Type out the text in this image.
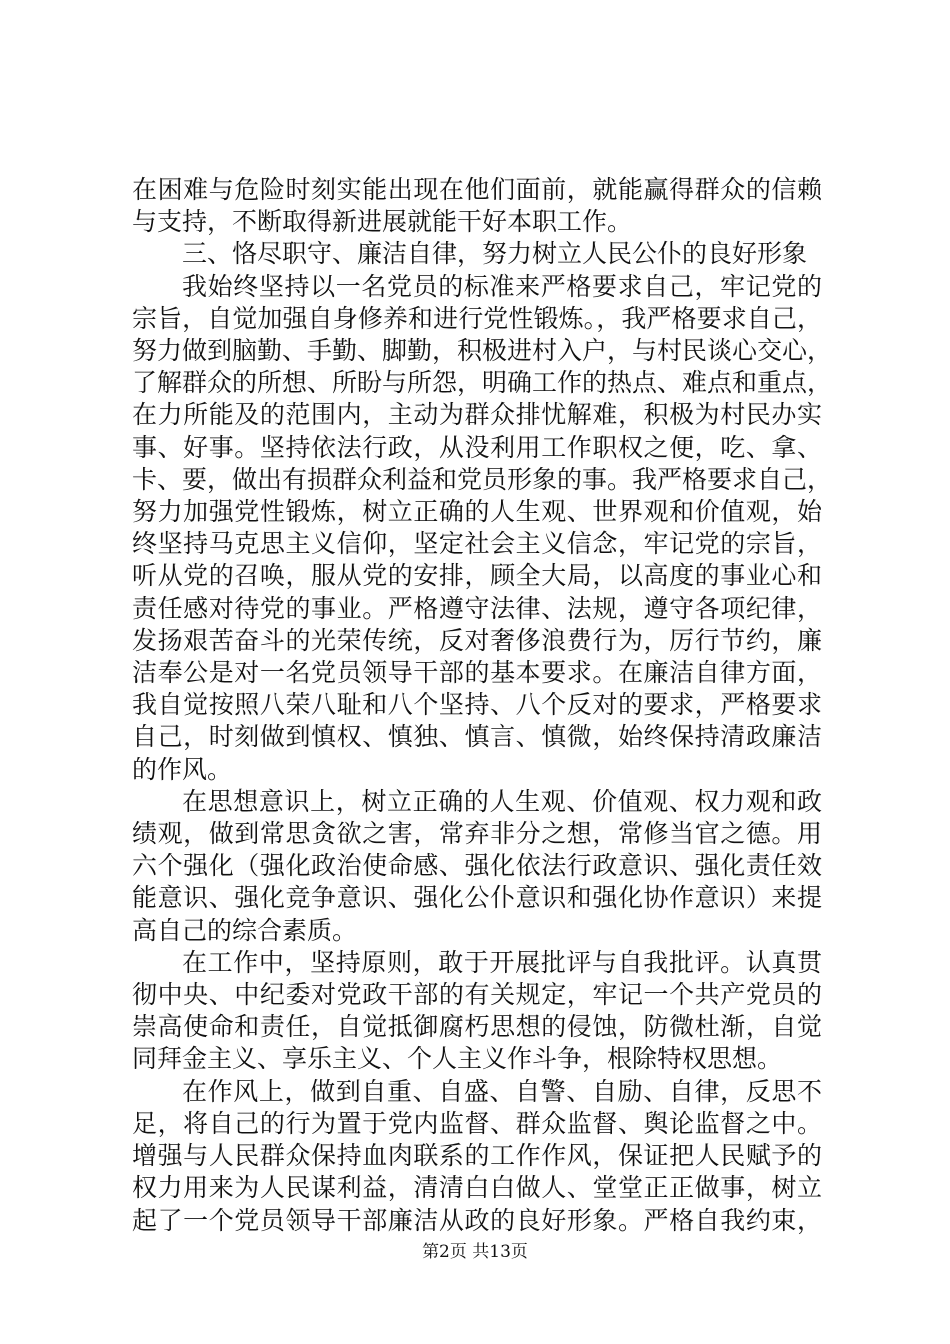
在困难与危险时刻实能出现在他们面前，就能赢得群众的信赖
与支持，不断取得新进展就能干好本职工作。
三、恪尽职守、廉洁自律，努力树立人民公仆的良好形象
我始终坚持以一名党员的标准来严格要求自己，牢记党的
宗旨，自觉加强自身修养和进行党性锻炼。，我严格要求自己，
努力做到脑勤、手勤、脚勤，积极进村入户，与村民谈心交心，
了解群众的所想、所盼与所怨，明确工作的热点、难点和重点，
在力所能及的范围内，主动为群众排忧解难，积极为村民办实
事、好事。坚持依法行政，从没利用工作职权之便，吃、拿、
卡、要，做出有损群众利益和党员形象的事。我严格要求自己，
努力加强党性锻炼，树立正确的人生观、世界观和价值观，始
终坚持马克思主义信仰，坚定社会主义信念，牢记党的宗旨，
听从党的召唤，服从党的安排，顾全大局，以高度的事业心和
责任感对待党的事业。严格遵守法律、法规，遵守各项纪律，
发扬艰苦奋斗的光荣传统，反对奢侈浪费行为，厉行节约，廉
洁奉公是对一名党员领导干部的基本要求。在廉洁自律方面，
我自觉按照八荣八耻和八个坚持、八个反对的要求，严格要求
自己，时刻做到慎权、慎独、慎言、慎微，始终保持清政廉洁
的作风。
在思想意识上，树立正确的人生观、价值观、权力观和政
绩观，做到常思贪欲之害，常弃非分之想，常修当官之德。用
六个强化（强化政治使命感、强化依法行政意识、强化责任效
能意识、强化竞争意识、强化公仆意识和强化协作意识）来提
高自己的综合素质。
在工作中，坚持原则，敢于开展批评与自我批评。认真贯
彻中央、中纪委对党政干部的有关规定，牢记一个共产党员的
崇高使命和责任，自觉抵御腐朽思想的侵蚀，防微杜渐，自觉
同拜金主义、享乐主义、个人主义作斗争，根除特权思想。
在作风上，做到自重、自盛、自警、自励、自律，反思不
足，将自己的行为置于党内监督、群众监督、舆论监督之中。
增强与人民群众保持血肉联系的工作作风，保证把人民赋予的
权力用来为人民谋利益，清清白白做人、堂堂正正做事，树立
起了一个党员领导干部廉洁从政的良好形象。严格自我约束，
第2页 共13页
